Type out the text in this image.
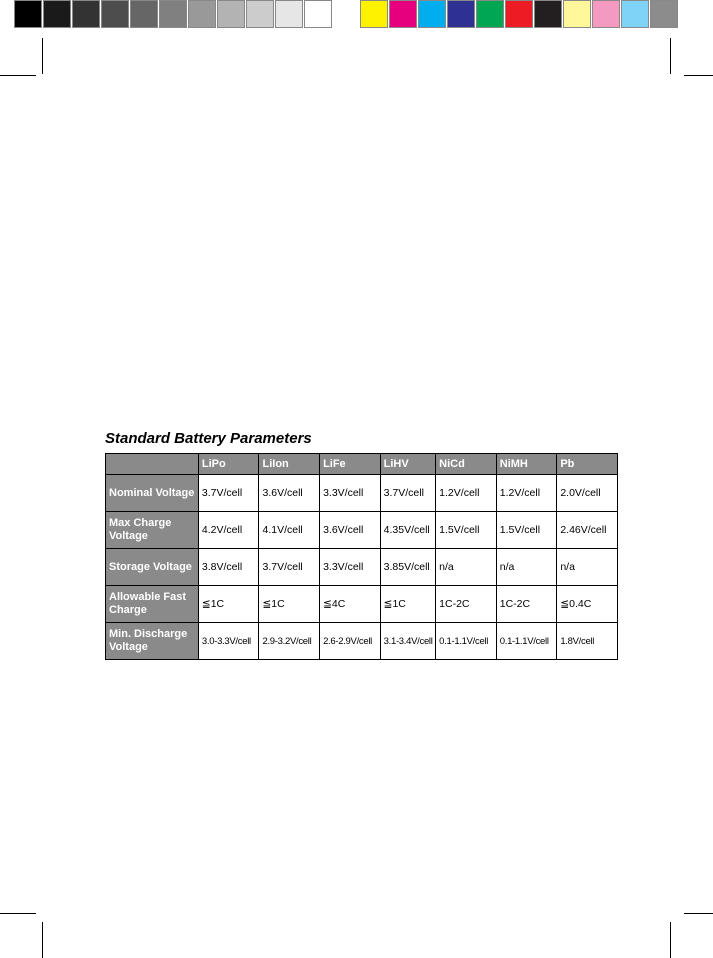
Standard Battery Parameters
	LiPo	LiIon	LiFe	LiHV	NiCd	NiMH	Pb
Nominal Voltage	3.7V/cell	3.6V/cell	3.3V/cell	3.7V/cell	1.2V/cell	1.2V/cell	2.0V/cell
Max Charge Voltage	4.2V/cell	4.1V/cell	3.6V/cell	4.35V/cell	1.5V/cell	1.5V/cell	2.46V/cell
Storage Voltage	3.8V/cell	3.7V/cell	3.3V/cell	3.85V/cell	n/a	n/a	n/a
Allowable Fast Charge	≦1C	≦1C	≦4C	≦1C	1C-2C	1C-2C	≦0.4C
Min. Discharge Voltage	3.0-3.3V/cell	2.9-3.2V/cell	2.6-2.9V/cell	3.1-3.4V/cell	0.1-1.1V/cell	0.1-1.1V/cell	1.8V/cell
